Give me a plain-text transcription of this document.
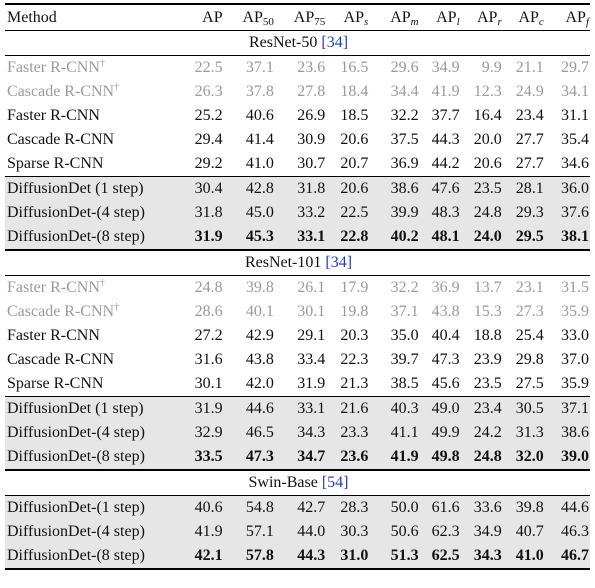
Method	AP	$AP_{50}$	$AP_{75}$	$AP_s$	$AP_m$	$AP_l$	$AP_r$	$AP_c$	$AP_f$
ResNet-50 [34]									
Faster R-CNN†	22.5	37.1	23.6	16.5	29.6	34.9	9.9	21.1	29.7
Cascade R-CNN†	26.3	37.8	27.8	18.4	34.4	41.9	12.3	24.9	34.1
Faster R-CNN	25.2	40.6	26.9	18.5	32.2	37.7	16.4	23.4	31.1
Cascade R-CNN	29.4	41.4	30.9	20.6	37.5	44.3	20.0	27.7	35.4
Sparse R-CNN	29.2	41.0	30.7	20.7	36.9	44.2	20.6	27.7	34.6
DiffusionDet (1 step)	30.4	42.8	31.8	20.6	38.6	47.6	23.5	28.1	36.0
DiffusionDet-(4 step)	31.8	45.0	33.2	22.5	39.9	48.3	24.8	29.3	37.6
DiffusionDet-(8 step)	31.9	45.3	33.1	22.8	40.2	48.1	24.0	29.5	38.1
ResNet-101 [34]									
Faster R-CNN†	24.8	39.8	26.1	17.9	32.2	36.9	13.7	23.1	31.5
Cascade R-CNN†	28.6	40.1	30.1	19.8	37.1	43.8	15.3	27.3	35.9
Faster R-CNN	27.2	42.9	29.1	20.3	35.0	40.4	18.8	25.4	33.0
Cascade R-CNN	31.6	43.8	33.4	22.3	39.7	47.3	23.9	29.8	37.0
Sparse R-CNN	30.1	42.0	31.9	21.3	38.5	45.6	23.5	27.5	35.9
DiffusionDet (1 step)	31.9	44.6	33.1	21.6	40.3	49.0	23.4	30.5	37.1
DiffusionDet-(4 step)	32.9	46.5	34.3	23.3	41.1	49.9	24.2	31.3	38.6
DiffusionDet-(8 step)	33.5	47.3	34.7	23.6	41.9	49.8	24.8	32.0	39.0
Swin-Base [54]									
DiffusionDet-(1 step)	40.6	54.8	42.7	28.3	50.0	61.6	33.6	39.8	44.6
DiffusionDet-(4 step)	41.9	57.1	44.0	30.3	50.6	62.3	34.9	40.7	46.3
DiffusionDet-(8 step)	42.1	57.8	44.3	31.0	51.3	62.5	34.3	41.0	46.7
